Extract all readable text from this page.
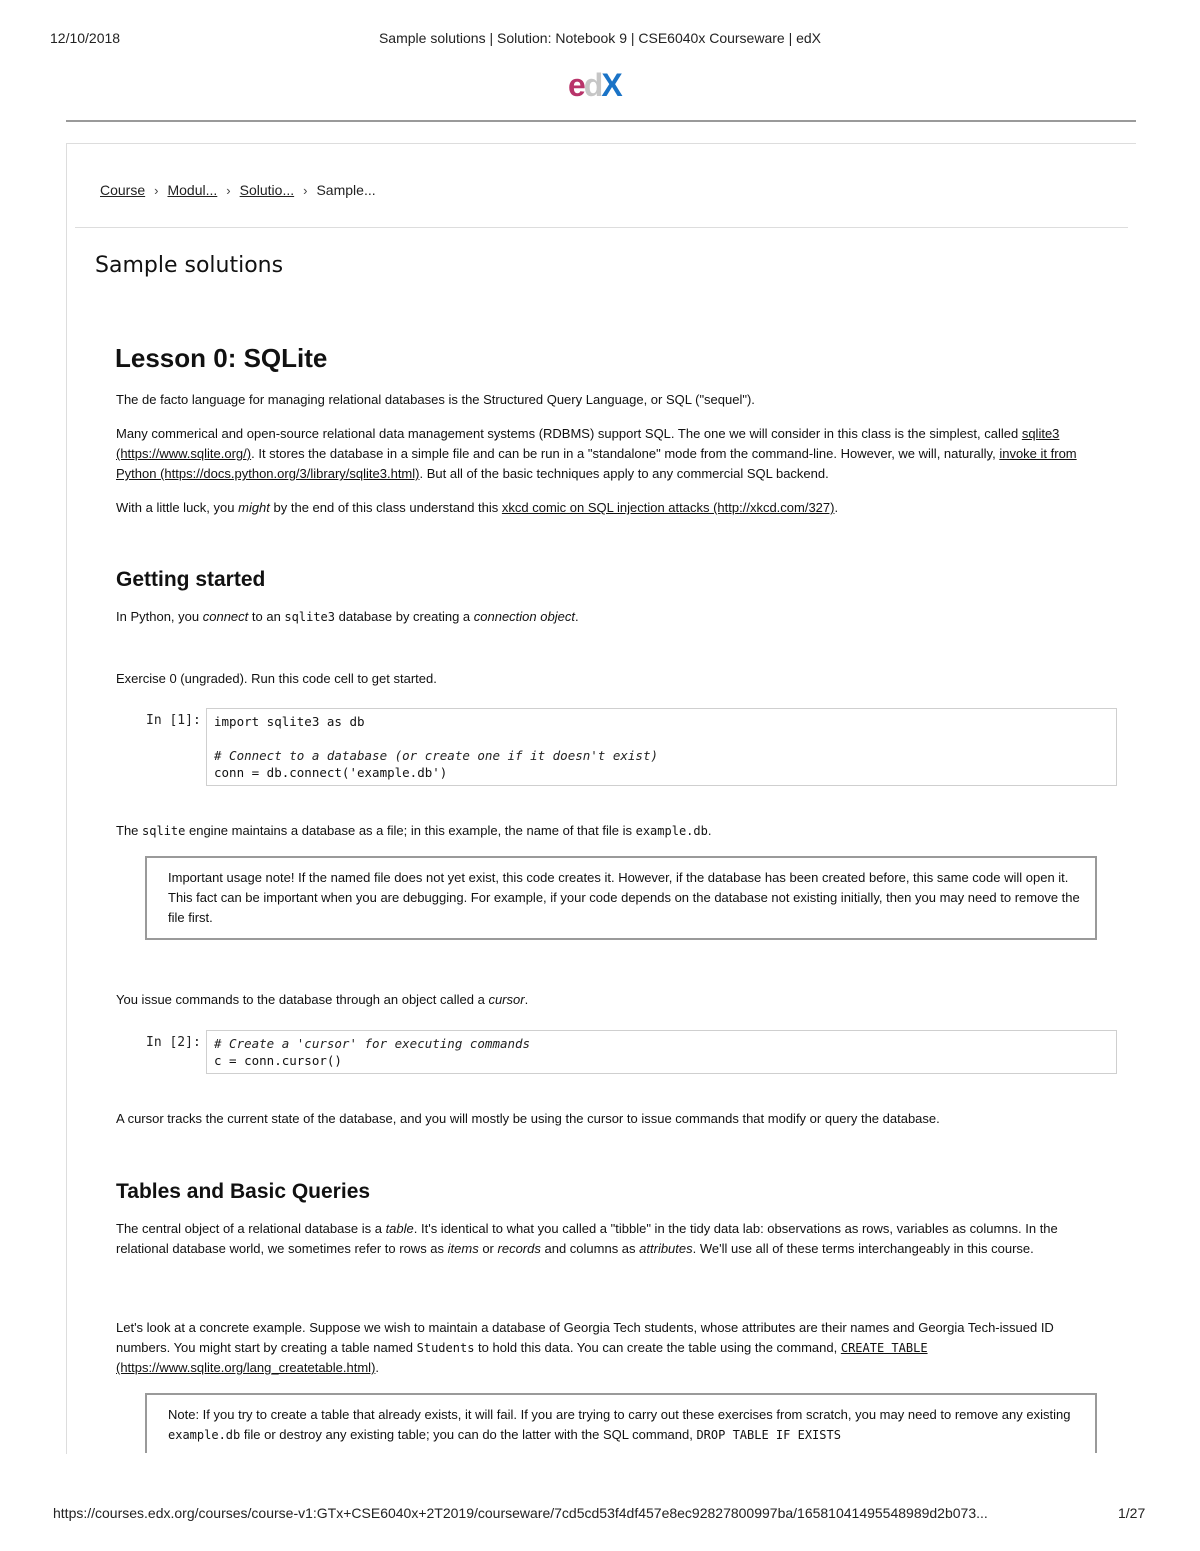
12/10/2018	Sample solutions | Solution: Notebook 9 | CSE6040x Courseware | edX
edX
Course › Modul... › Solutio... › Sample...
Sample solutions
Lesson 0: SQLite

The de facto language for managing relational databases is the Structured Query Language, or SQL ("sequel").

Many commerical and open-source relational data management systems (RDBMS) support SQL. The one we will consider in this class is the simplest, called sqlite3 (https://www.sqlite.org/). It stores the database in a simple file and can be run in a "standalone" mode from the command-line. However, we will, naturally, invoke it from Python (https://docs.python.org/3/library/sqlite3.html). But all of the basic techniques apply to any commercial SQL backend.

With a little luck, you might by the end of this class understand this xkcd comic on SQL injection attacks (http://xkcd.com/327).

Getting started

In Python, you connect to an sqlite3 database by creating a connection object.

Exercise 0 (ungraded). Run this code cell to get started.
In [1]:	import sqlite3 as db

# Connect to a database (or create one if it doesn't exist)
conn = db.connect('example.db')

The sqlite engine maintains a database as a file; in this example, the name of that file is example.db.

Important usage note! If the named file does not yet exist, this code creates it. However, if the database has been created before, this same code will open it. This fact can be important when you are debugging. For example, if your code depends on the database not existing initially, then you may need to remove the file first.

You issue commands to the database through an object called a cursor.

In [2]:	# Create a 'cursor' for executing commands
c = conn.cursor()
A cursor tracks the current state of the database, and you will mostly be using the cursor to issue commands that modify or query the database.
Tables and Basic Queries

The central object of a relational database is a table. It's identical to what you called a "tibble" in the tidy data lab: observations as rows, variables as columns. In the relational database world, we sometimes refer to rows as items or records and columns as attributes. We'll use all of these terms interchangeably in this course.

Let's look at a concrete example. Suppose we wish to maintain a database of Georgia Tech students, whose attributes are their names and Georgia Tech-issued ID numbers. You might start by creating a table named Students to hold this data. You can create the table using the command, CREATE TABLE (https://www.sqlite.org/lang_createtable.html).

Note: If you try to create a table that already exists, it will fail. If you are trying to carry out these exercises from scratch, you may need to remove any existing example.db file or destroy any existing table; you can do the latter with the SQL command, DROP TABLE IF EXISTS
https://courses.edx.org/courses/course-v1:GTx+CSE6040x+2T2019/courseware/7cd5cd53f4df457e8ec92827800997ba/16581041495548989d2b073...	1/27
